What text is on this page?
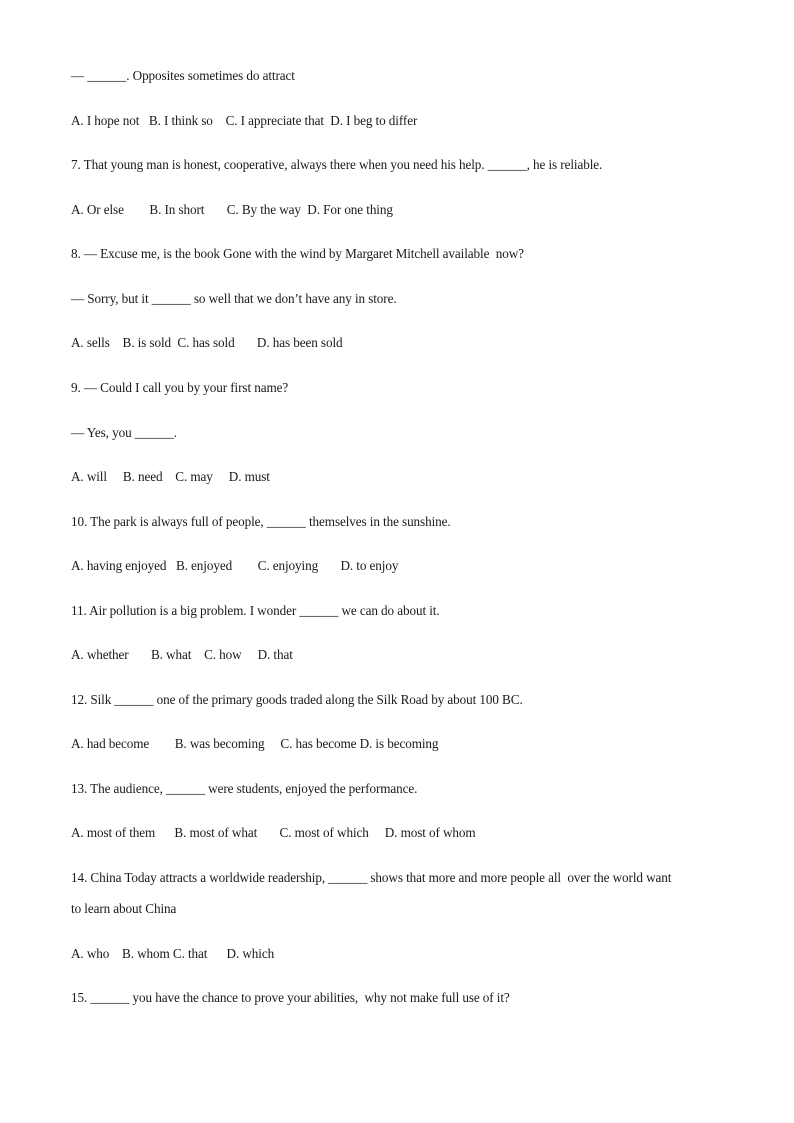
— ______. Opposites sometimes do attract
A. I hope not   B. I think so    C. I appreciate that  D. I beg to differ
7. That young man is honest, cooperative, always there when you need his help. ______, he is reliable.
A. Or else        B. In short       C. By the way  D. For one thing
8. — Excuse me, is the book Gone with the wind by Margaret Mitchell available  now?
— Sorry, but it ______ so well that we don’t have any in store.
A. sells    B. is sold  C. has sold       D. has been sold
9. — Could I call you by your first name?
— Yes, you ______.
A. will     B. need    C. may     D. must
10. The park is always full of people, ______ themselves in the sunshine.
A. having enjoyed   B. enjoyed        C. enjoying       D. to enjoy
11. Air pollution is a big problem. I wonder ______ we can do about it.
A. whether       B. what    C. how     D. that
12. Silk ______ one of the primary goods traded along the Silk Road by about 100 BC.
A. had become        B. was becoming     C. has become D. is becoming
13. The audience, ______ were students, enjoyed the performance.
A. most of them      B. most of what       C. most of which     D. most of whom
14. China Today attracts a worldwide readership, ______ shows that more and more people all  over the world want
to learn about China
A. who    B. whom C. that      D. which
15. ______ you have the chance to prove your abilities,  why not make full use of it?
